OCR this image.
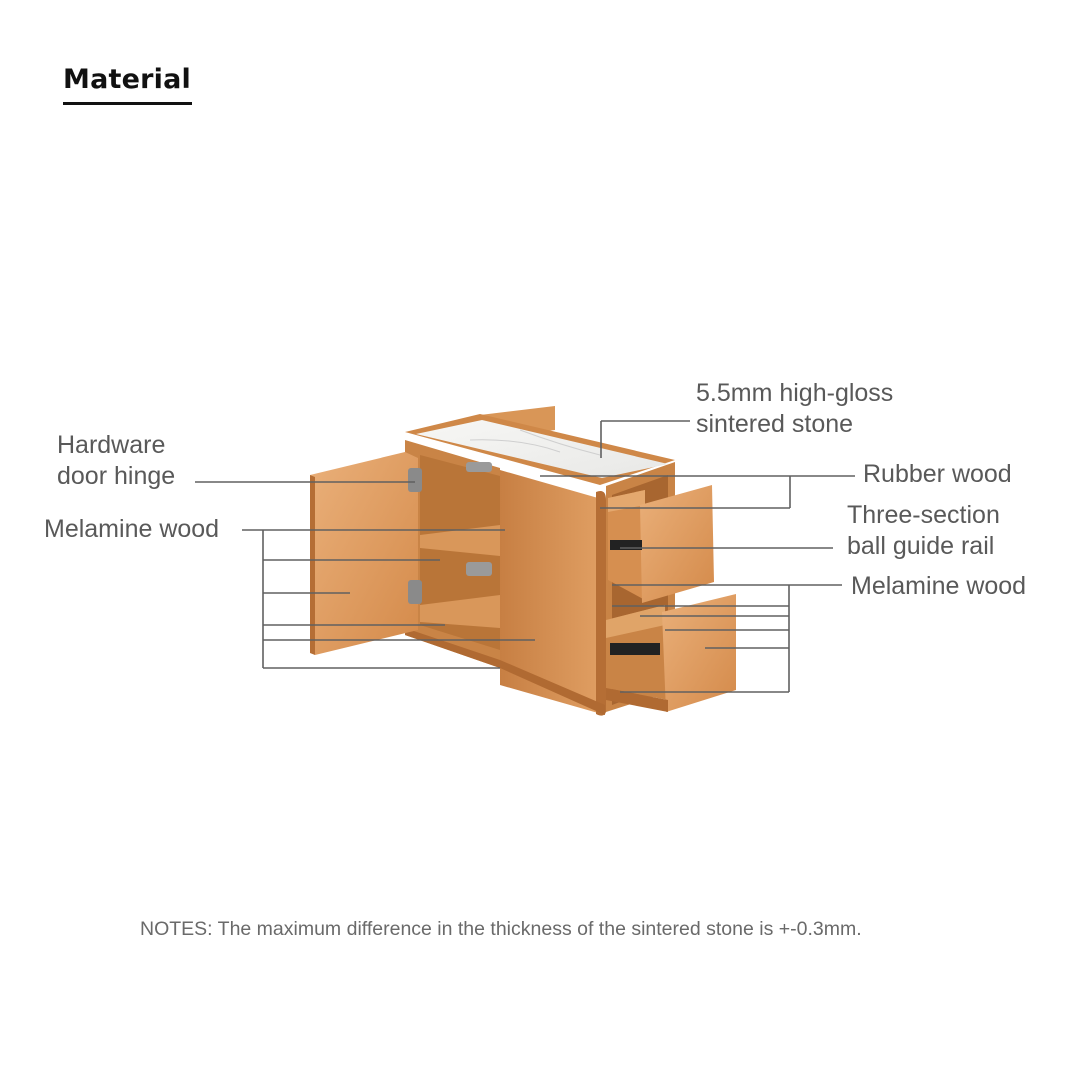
Material
Hardware
door hinge
Melamine wood
5.5mm high-gloss
sintered stone
Rubber wood
Three-section
ball guide rail
Melamine wood
NOTES: The maximum difference in the thickness of the sintered stone is +-0.3mm.
